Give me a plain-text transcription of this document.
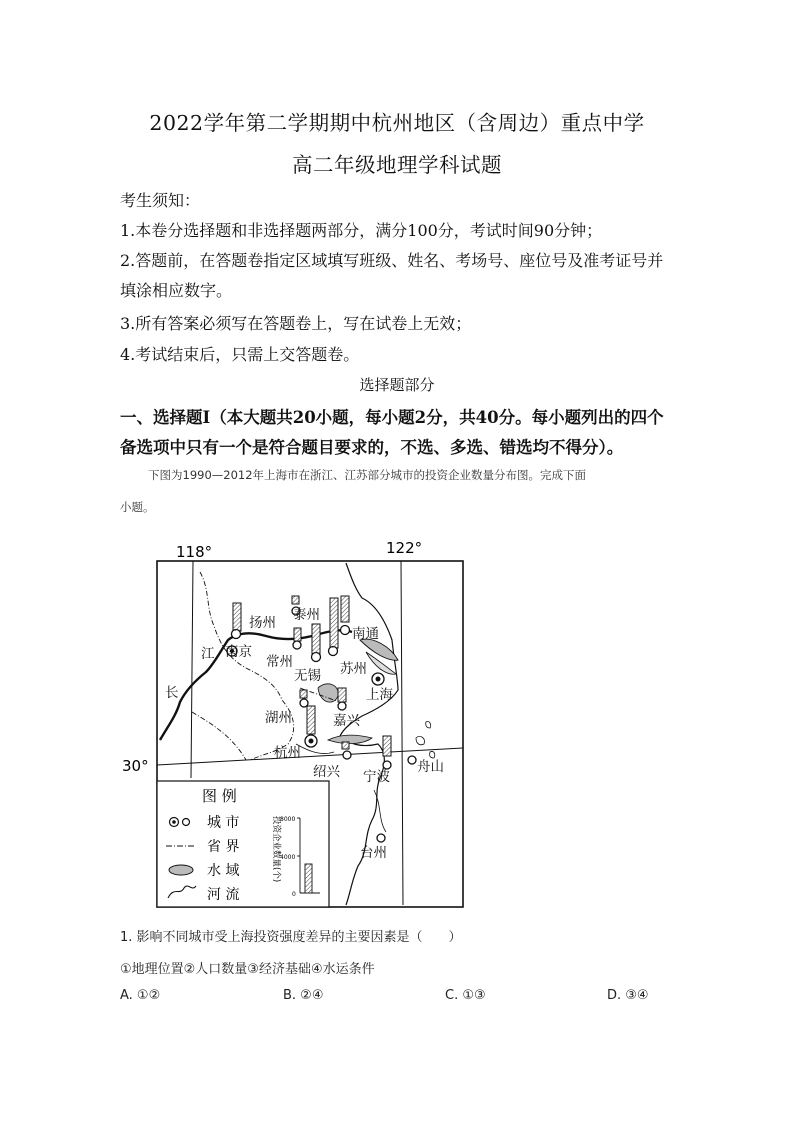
2022学年第二学期期中杭州地区（含周边）重点中学
高二年级地理学科试题
考生须知：
1.本卷分选择题和非选择题两部分，满分100分，考试时间90分钟；
2.答题前，在答题卷指定区域填写班级、姓名、考场号、座位号及准考证号并
填涂相应数字。
3.所有答案必须写在答题卷上，写在试卷上无效；
4.考试结束后，只需上交答题卷。
选择题部分
一、选择题Ⅰ（本大题共20小题，每小题2分，共40分。每小题列出的四个
备选项中只有一个是符合题目要求的，不选、多选、错选均不得分）。
下图为1990—2012年上海市在浙江、江苏部分城市的投资企业数量分布图。完成下面
小题。
118°	122°
30°
扬州 泰州
南京
常州
南通
无锡 苏州
上海
湖州	嘉兴
杭州
绍兴 宁波
舟山
台州
江
长
图 例
城 市
省 界
水 域
河 流
8000
4000
0
投资企业数量(个)
1. 影响不同城市受上海投资强度差异的主要因素是（　　）
①地理位置②人口数量③经济基础④水运条件
A. ①②	B. ②④	C. ①③	D. ③④
